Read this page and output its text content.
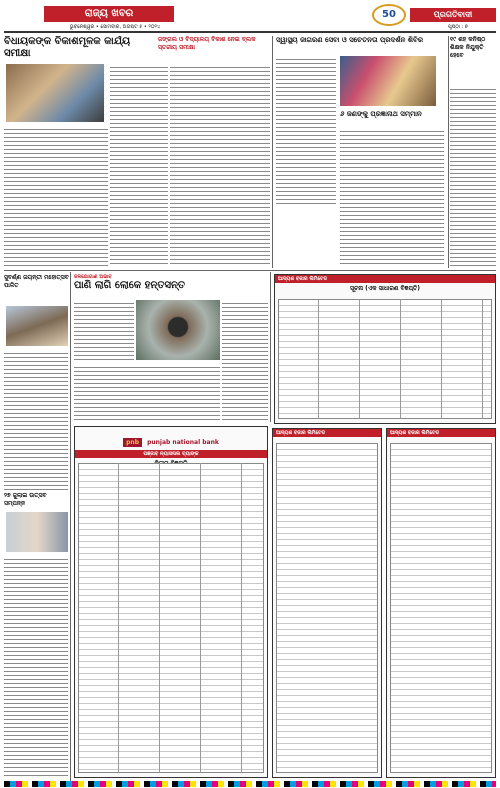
ରାଜ୍ୟ ଖବର
ଭୁବନେଶ୍ୱର • ସୋମବାର, ଅଗଷ୍ଟ ୫ • ୨୦୨୪
50	ପ୍ରଗତିବାଦୀ
ପୃଷ୍ଠା : ୭
ବିଧାୟକଙ୍କ ବିକାଶମୂଳକ କାର୍ଯ୍ୟ ସମୀକ୍ଷା
ଜଙ୍ଗଲ ଓ ବିଦ୍ୟାଳୟ ବିକାଶ ନେଇ ବ୍ଲକ ସ୍ତରୀୟ ସମୀକ୍ଷା
ସ୍ୱାସ୍ଥ୍ୟ ଜାଗରଣ ସେବା ଓ ସଚେତନତା ପ୍ରଦର୍ଶନ ଶିବିର
୬ ଜଣଙ୍କୁ ପ୍ରଜ୍ଞାନାଥ ସମ୍ମାନ
୧୯ ଶହ କନିଷ୍ଠ ଶିକ୍ଷକ ନିଯୁକ୍ତି ହେବେ
ସୁବର୍ଣ୍ଣ ଜୟନ୍ତୀ ମହୋତ୍ସବ ପାଳିତ
୨୭ ଜୁଲାଇ ଉତ୍ସବ ସମ୍ପନ୍ନ
ଜଳଯୋଗାଣ ଅଭାବ
ପାଣି ଲାଗି ଲୋକେ ହନ୍ତସନ୍ତ
ଆଦ୍ୟଶ ବଜାର ଲିମିଟେଡ
ସୂଚନା (ଏକ ସାଧାରଣ ବିଜ୍ଞପ୍ତି)
pnb punjab national bank
ପଞ୍ଜାବ ନ୍ୟାସନାଲ ବ୍ୟାଙ୍କ
ଆଦ୍ୟଶ ବଜାର ଲିମିଟେଡ	ଆଦ୍ୟଶ ବଜାର ଲିମିଟେଡ
